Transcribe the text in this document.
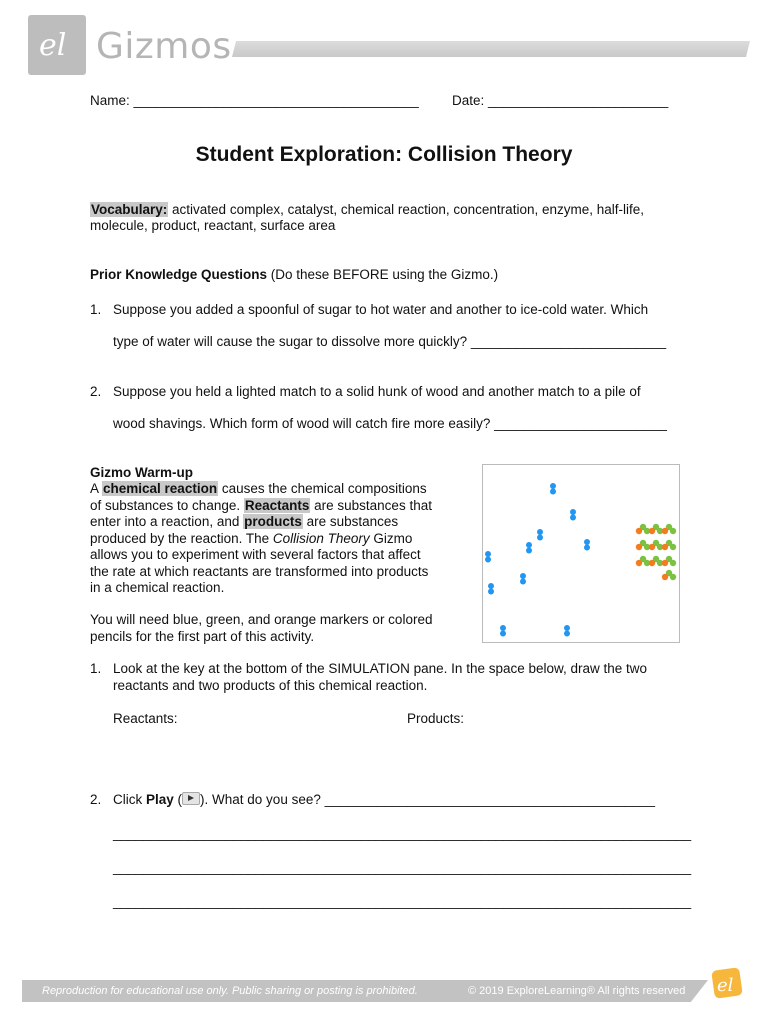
el Gizmos
Name: ______________________________________ Date: ________________________
Student Exploration: Collision Theory
Vocabulary: activated complex, catalyst, chemical reaction, concentration, enzyme, half-life,
molecule, product, reactant, surface area
Prior Knowledge Questions (Do these BEFORE using the Gizmo.)
1. Suppose you added a spoonful of sugar to hot water and another to ice-cold water. Which
type of water will cause the sugar to dissolve more quickly? __________________________
2. Suppose you held a lighted match to a solid hunk of wood and another match to a pile of
wood shavings. Which form of wood will catch fire more easily? _______________________
Gizmo Warm-up
A chemical reaction causes the chemical compositions
of substances to change. Reactants are substances that
enter into a reaction, and products are substances
produced by the reaction. The Collision Theory Gizmo
allows you to experiment with several factors that affect
the rate at which reactants are transformed into products
in a chemical reaction.
You will need blue, green, and orange markers or colored
pencils for the first part of this activity.
1. Look at the key at the bottom of the SIMULATION pane. In the space below, draw the two
reactants and two products of this chemical reaction.
Reactants:	Products:
2. Click Play ( ). What do you see? ____________________________________________
_____________________________________________________________________________
_____________________________________________________________________________
_____________________________________________________________________________
Reproduction for educational use only. Public sharing or posting is prohibited.	© 2019 ExploreLearning® All rights reserved el
